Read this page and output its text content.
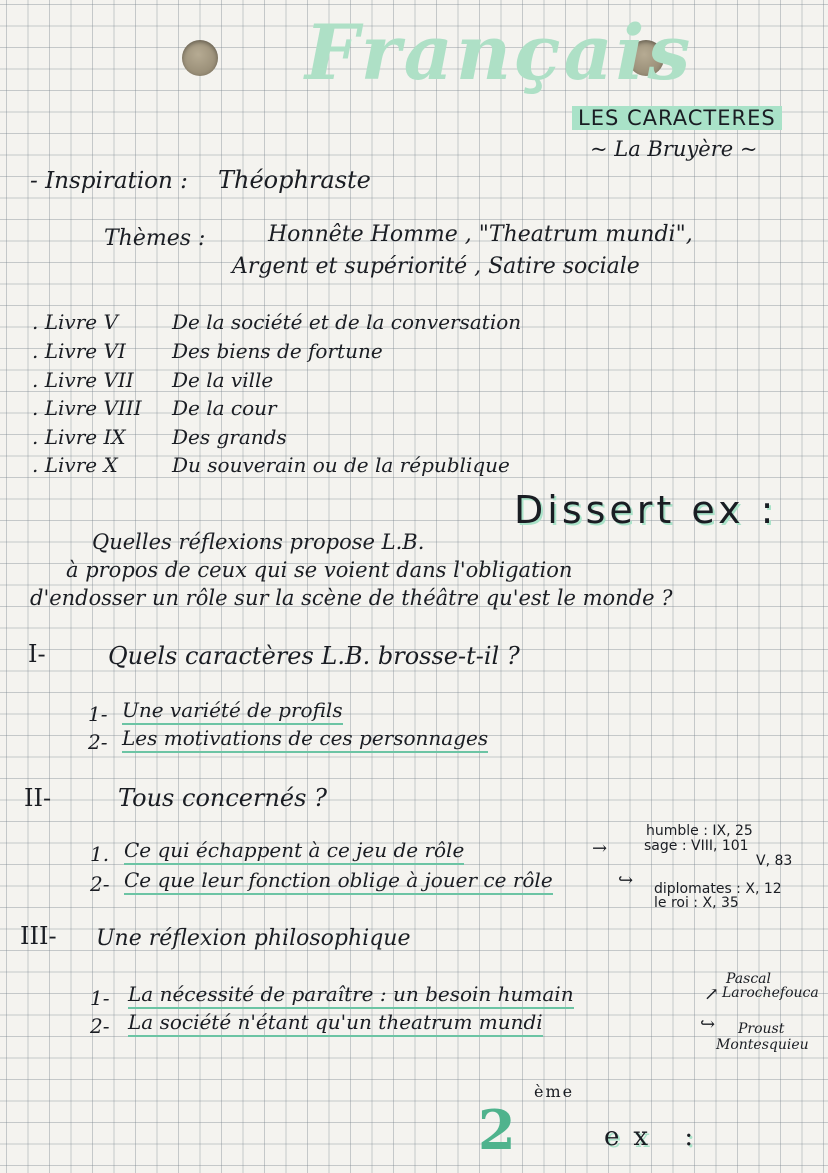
Français
LES CARACTERES
~ La Bruyère ~
- Inspiration : Théophraste
Thèmes :	Honnête Homme , "Theatrum mundi",
Argent et supériorité , Satire sociale
. Livre V	De la société et de la conversation
. Livre VI Des biens de fortune
. Livre VII De la ville
. Livre VIII De la cour
. Livre IX Des grands
. Livre X	Du souverain ou de la république
Dissert ex :
Quelles réflexions propose L.B.
à propos de ceux qui se voient dans l'obligation
d'endosser un rôle sur la scène de théâtre qu'est le monde ?
I-	Quels caractères L.B. brosse-t-il ?
1- Une variété de profils
2- Les motivations de ces personnages
II-	Tous concernés ?
1. Ce qui échappent à ce jeu de rôle	→
2- Ce que leur fonction oblige à jouer ce rôle	↪
humble : IX, 25
sage : VIII, 101
V, 83
diplomates : X, 12
le roi : X, 35
III- Une réflexion philosophique
1- La nécessité de paraître : un besoin humain	↗
Pascal
Larochefouca
2- La société n'étant qu'un theatrum mundi	↪ Proust
Montesquieu
2
ème
ex :
